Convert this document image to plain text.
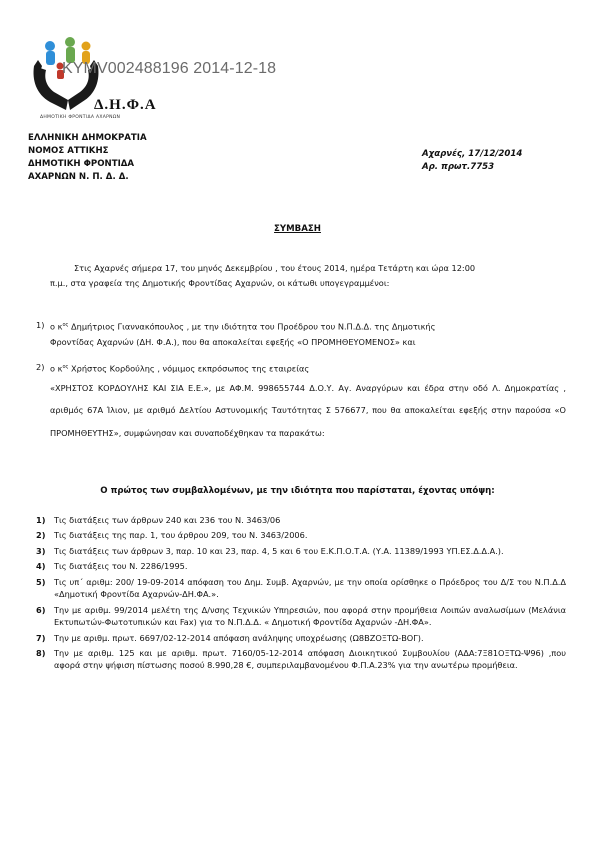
ΚΥΜV002488196 2014-12-18
Δ.Η.Φ.Α
ΔΗΜΟΤΙΚΗ ΦΡΟΝΤΙΔΑ ΑΧΑΡΝΩΝ
ΕΛΛΗΝΙΚΗ ΔΗΜΟΚΡΑΤΙΑ
ΝΟΜΟΣ ΑΤΤΙΚΗΣ
ΔΗΜΟΤΙΚΗ ΦΡΟΝΤΙΔΑ
ΑΧΑΡΝΩΝ Ν. Π. Δ. Δ.
Αχαρνές, 17/12/2014
Αρ. πρωτ.7753
ΣΥΜΒΑΣΗ
Στις Αχαρνές σήμερα 17, του μηνός Δεκεμβρίου , του έτους 2014, ημέρα Τετάρτη και ώρα 12:00
π.μ., στα γραφεία της Δημοτικής Φροντίδας Αχαρνών, οι κάτωθι υπογεγραμμένοι:
1) ο $\kappa^{o\varsigma}$ Δημήτριος Γιαννακόπουλος , με την ιδιότητα του Προέδρου του Ν.Π.Δ.Δ. της Δημοτικής
Φροντίδας Αχαρνών (ΔΗ. Φ.Α.), που θα αποκαλείται εφεξής «Ο ΠΡΟΜΗΘΕΥΟΜΕΝΟΣ» και
2) ο $\kappa^{o\varsigma}$ Χρήστος Κορδούλης , νόμιμος εκπρόσωπος της εταιρείας
«ΧΡΗΣΤΟΣ ΚΟΡΔΟΥΛΗΣ ΚΑΙ ΣΙΑ Ε.Ε.», με ΑΦ.Μ. 998655744 Δ.Ο.Υ. Αγ. Αναργύρων και έδρα στην οδό Λ. Δημοκρατίας , αριθμός 67Α Ίλιον, με αριθμό Δελτίου Αστυνομικής Ταυτότητας Σ 576677, που θα αποκαλείται εφεξής στην παρούσα «Ο ΠΡΟΜΗΘΕΥΤΗΣ», συμφώνησαν και συναποδέχθηκαν τα παρακάτω:
Ο πρώτος των συμβαλλομένων, με την ιδιότητα που παρίσταται, έχοντας υπόψη:
1) Τις διατάξεις των άρθρων 240 και 236 του Ν. 3463/06
2) Τις διατάξεις της παρ. 1, του άρθρου 209, του Ν. 3463/2006.
3) Τις διατάξεις των άρθρων 3, παρ. 10 και 23, παρ. 4, 5 και 6 του Ε.Κ.Π.Ο.Τ.Α. (Υ.Α. 11389/1993 ΥΠ.ΕΣ.Δ.Δ.Α.).
4) Τις διατάξεις του Ν. 2286/1995.
5) Τις υπ΄ αριθμ: 200/ 19-09-2014 απόφαση του Δημ. Συμβ. Αχαρνών, με την οποία ορίσθηκε ο Πρόεδρος του Δ/Σ του Ν.Π.Δ.Δ «Δημοτική Φροντίδα Αχαρνών-ΔΗ.ΦΑ.».
6) Την με αριθμ. 99/2014 μελέτη της Δ/νσης Τεχνικών Υπηρεσιών, που αφορά στην προμήθεια Λοιπών αναλωσίμων (Μελάνια Εκτυπωτών-Φωτοτυπικών και Fax) για το Ν.Π.Δ.Δ. « Δημοτική Φροντίδα Αχαρνών -ΔΗ.ΦΑ».
7) Την με αριθμ. πρωτ. 6697/02-12-2014 απόφαση ανάληψης υποχρέωσης (Ω8ΒΖΟΞΤΩ-ΒΟΓ).
8) Την με αριθμ. 125 και με αριθμ. πρωτ. 7160/05-12-2014 απόφαση Διοικητικού Συμβουλίου (ΑΔΑ:7Ξ81ΟΞΤΩ-Ψ96) ,που αφορά στην ψήφιση πίστωσης ποσού 8.990,28 €, συμπεριλαμβανομένου Φ.Π.Α.23% για την ανωτέρω προμήθεια.
